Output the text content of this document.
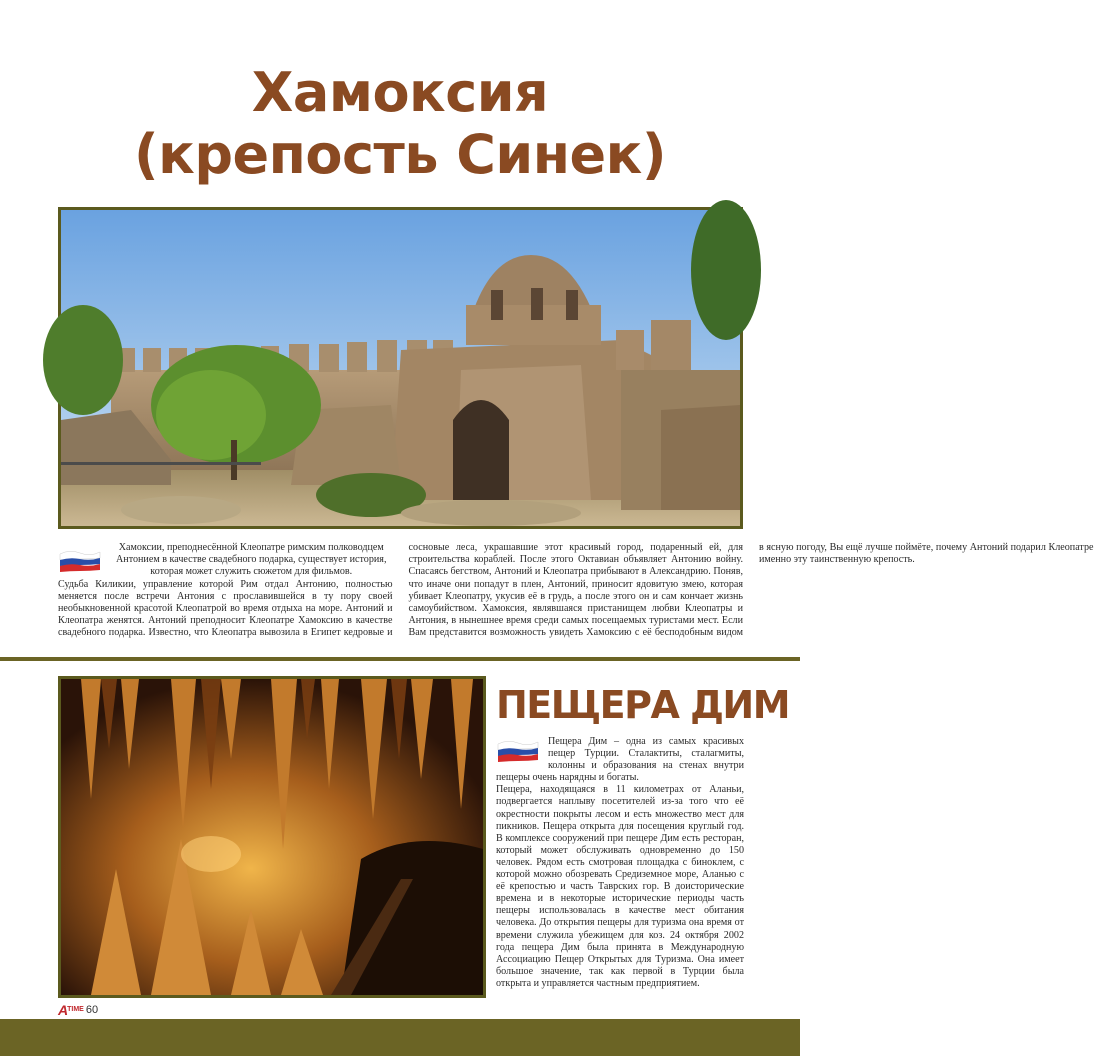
Хамоксия
(крепость Синек)

Хамоксии, преподнесённой Клеопатре римским полководцем Антонием в качестве свадебного подарка, существует история, которая может служить сюжетом для фильмов.

Судьба Киликии, управление которой Рим отдал Антонию, полностью меняется после встречи Антония с прославившейся в ту пору своей необыкновенной красотой Клеопатрой во время отдыха на море. Антоний и Клеопатра женятся. Антоний преподносит Клеопатре Хамоксию в качестве свадебного подарка. Известно, что Клеопатра вывозила в Египет кедровые и сосновые леса, украшавшие этот красивый город, подаренный ей, для строительства кораблей. После этого Октавиан объявляет Антонию войну. Спасаясь бегством, Антоний и Клеопатра прибывают в Александрию. Поняв, что иначе они попадут в плен, Антоний, приносит ядовитую змею, которая убивает Клеопатру, укусив её в грудь, а после этого он и сам кончает жизнь самоубийством. Хамоксия, являвшаяся пристанищем любви Клеопатры и Антония, в нынешнее время среди самых посещаемых туристами мест. Если Вам представится возможность увидеть Хамоксию с её бесподобным видом в ясную погоду, Вы ещё лучше поймёте, почему Антоний подарил Клеопатре именно эту таинственную крепость.

ПЕЩЕРА ДИМ

Пещера Дим – одна из самых красивых пещер Турции. Сталактиты, сталагмиты, колонны и образования на стенах внутри пещеры очень нарядны и богаты.

Пещера, находящаяся в 11 километрах от Аланьи, подвергается наплыву посетителей из-за того что её окрестности покрыты лесом и есть множество мест для пикников. Пещера открыта для посещения круглый год. В комплексе сооружений при пещере Дим есть ресторан, который может обслуживать одновременно до 150 человек. Рядом есть смотровая площадка с биноклем, с которой можно обозревать Средиземное море, Аланью с её крепостью и часть Таврских гор. В доисторические времена и в некоторые исторические периоды часть пещеры использовалась в качестве мест обитания человека. До открытия пещеры для туризма она время от времени служила убежищем для коз. 24 октября 2002 года пещера Дим была принята в Международную Ассоциацию Пещер Открытых для Туризма. Она имеет большое значение, так как первой в Турции была открыта и управляется частным предприятием.

A TIME 60
